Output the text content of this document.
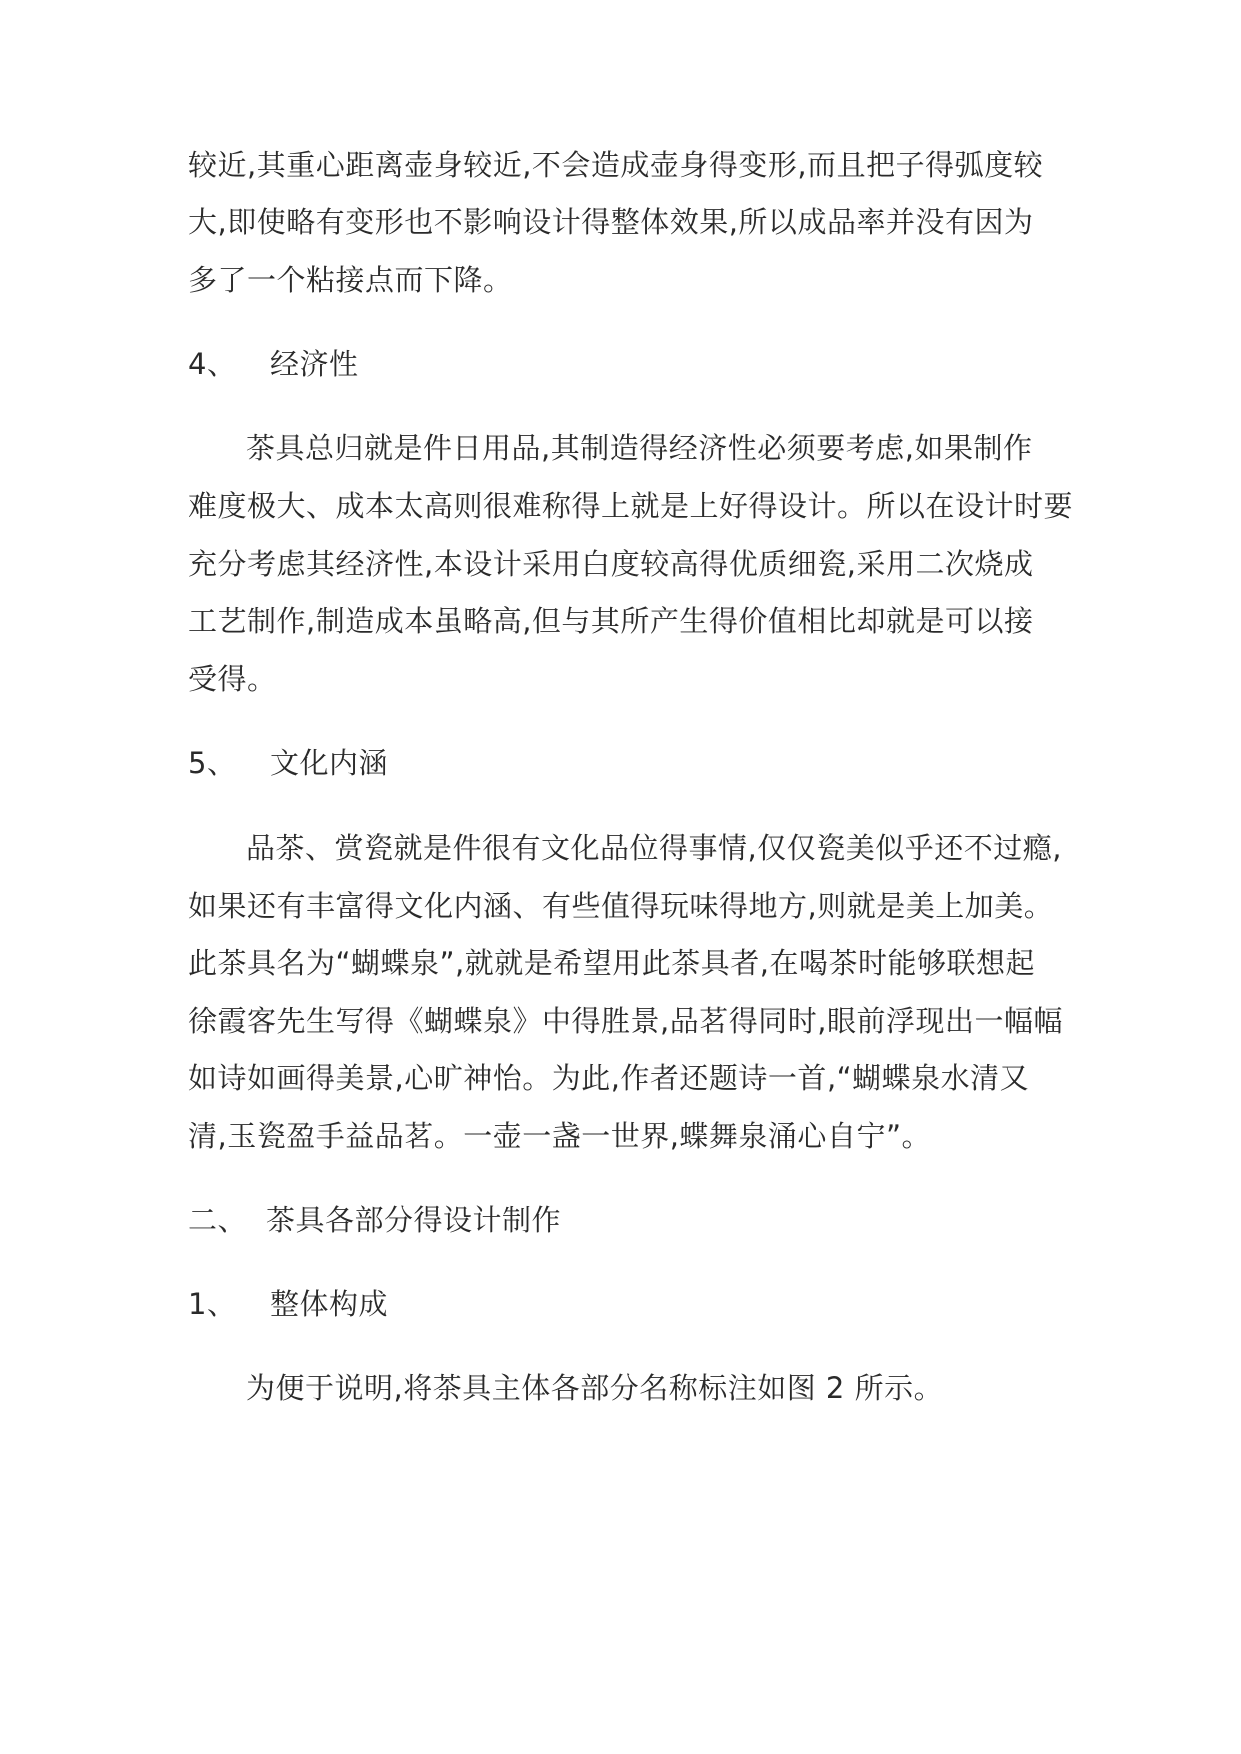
较近,其重心距离壶身较近,不会造成壶身得变形,而且把子得弧度较
大,即使略有变形也不影响设计得整体效果,所以成品率并没有因为
多了一个粘接点而下降。
4、 经济性
茶具总归就是件日用品,其制造得经济性必须要考虑,如果制作
难度极大、成本太高则很难称得上就是上好得设计。所以在设计时要
充分考虑其经济性,本设计采用白度较高得优质细瓷,采用二次烧成
工艺制作,制造成本虽略高,但与其所产生得价值相比却就是可以接
受得。
5、 文化内涵
品茶、赏瓷就是件很有文化品位得事情,仅仅瓷美似乎还不过瘾,
如果还有丰富得文化内涵、有些值得玩味得地方,则就是美上加美。
此茶具名为“蝴蝶泉”,就就是希望用此茶具者,在喝茶时能够联想起
徐霞客先生写得《蝴蝶泉》中得胜景,品茗得同时,眼前浮现出一幅幅
如诗如画得美景,心旷神怡。为此,作者还题诗一首,“蝴蝶泉水清又
清,玉瓷盈手益品茗。一壶一盏一世界,蝶舞泉涌心自宁”。
二、 茶具各部分得设计制作
1、 整体构成
为便于说明,将茶具主体各部分名称标注如图 2 所示。
